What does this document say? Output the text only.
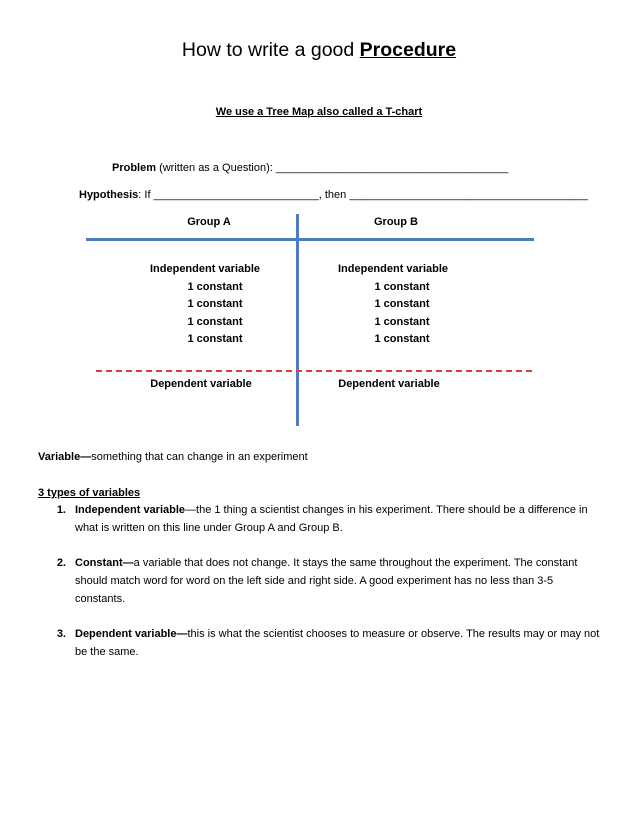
How to write a good Procedure
We use a Tree Map also called a T-chart
Problem (written as a Question): ______________________________________
Hypothesis: If ___________________________, then _______________________________________
Group A	Group B
Independent variable
1 constant
1 constant
1 constant
1 constant
Independent variable
1 constant
1 constant
1 constant
1 constant
Dependent variable	Dependent variable
Variable—something that can change in an experiment
3 types of variables
1. Independent variable—the 1 thing a scientist changes in his experiment. There should be a difference in what is written on this line under Group A and Group B.
2. Constant—a variable that does not change. It stays the same throughout the experiment. The constant should match word for word on the left side and right side. A good experiment has no less than 3-5 constants.
3. Dependent variable—this is what the scientist chooses to measure or observe. The results may or may not be the same.
